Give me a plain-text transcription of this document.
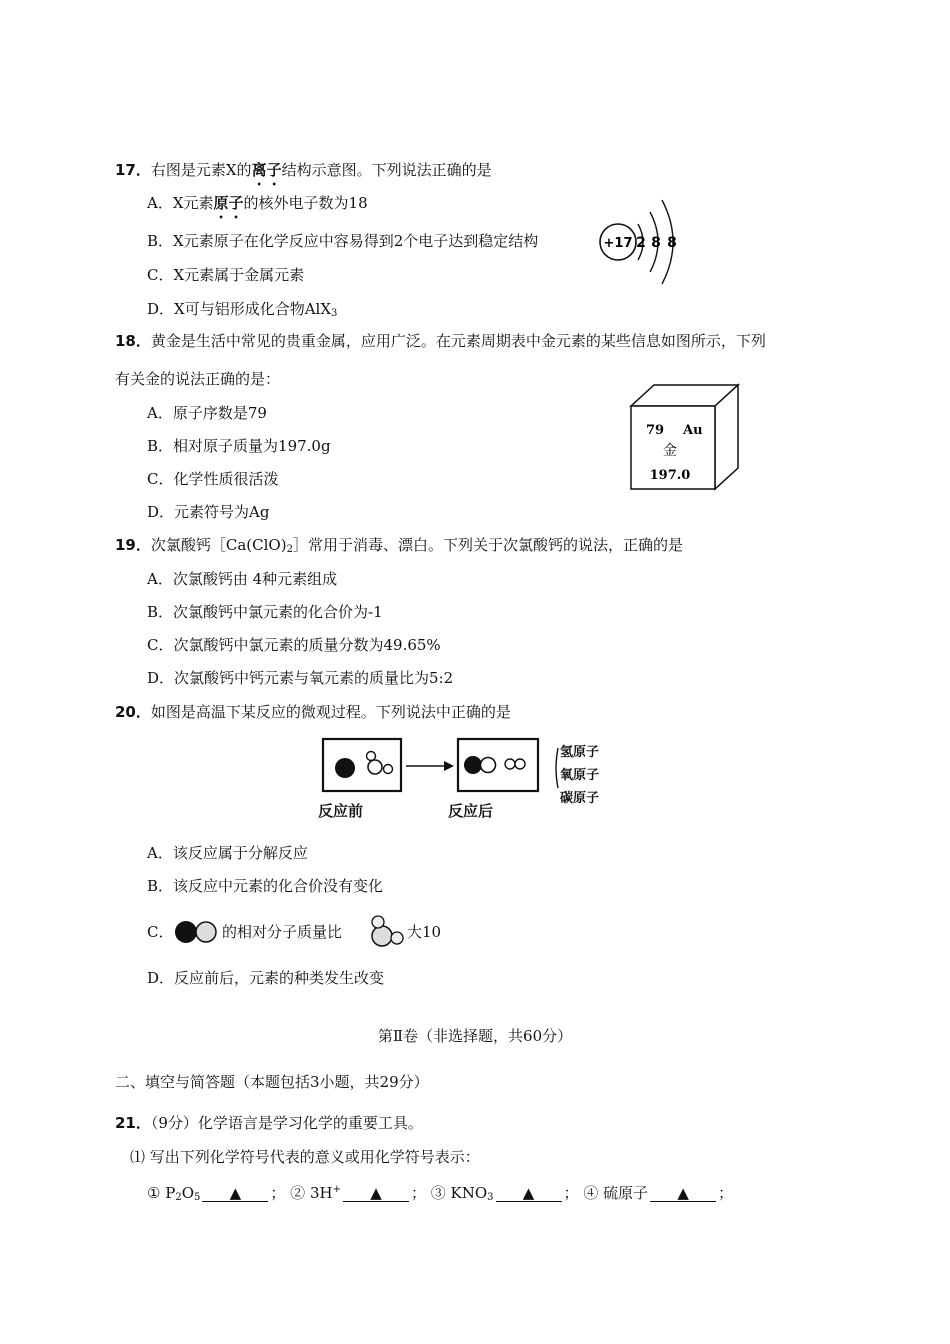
17．右图是元素X的离子结构示意图。下列说法正确的是
A．X元素原子的核外电子数为18
B．X元素原子在化学反应中容易得到2个电子达到稳定结构
C．X元素属于金属元素
D．X可与铝形成化合物AlX$_3$
+17 2 8 8
18．黄金是生活中常见的贵重金属，应用广泛。在元素周期表中金元素的某些信息如图所示，下列
有关金的说法正确的是：
A．原子序数是79
B．相对原子质量为197.0g
C．化学性质很活泼
D．元素符号为Ag
79 Au
金
197.0
19．次氯酸钙$[Ca(ClO)_2]$常用于消毒、漂白。下列关于次氯酸钙的说法，正确的是
A．次氯酸钙由 4种元素组成
B．次氯酸钙中氯元素的化合价为-1
C．次氯酸钙中氯元素的质量分数为49.65%
D．次氯酸钙中钙元素与氧元素的质量比为5:2
20．如图是高温下某反应的微观过程。下列说法中正确的是
反应前	反应后
氢原子
氧原子
碳原子
A．该反应属于分解反应
B．该反应中元素的化合价没有变化
C．	的相对分子质量比	大10
D．反应前后，元素的种类发生改变
第Ⅱ卷（非选择题，共60分）
二、填空与简答题（本题包括3小题，共29分）
21．（9分）化学语言是学习化学的重要工具。
⑴ 写出下列化学符号代表的意义或用化学符号表示：
① $P_2O_5$ ▲ ； ② 3H+ ▲ ； ③ $KNO_3$ ▲ ； ④ 硫原子 ▲ ；
